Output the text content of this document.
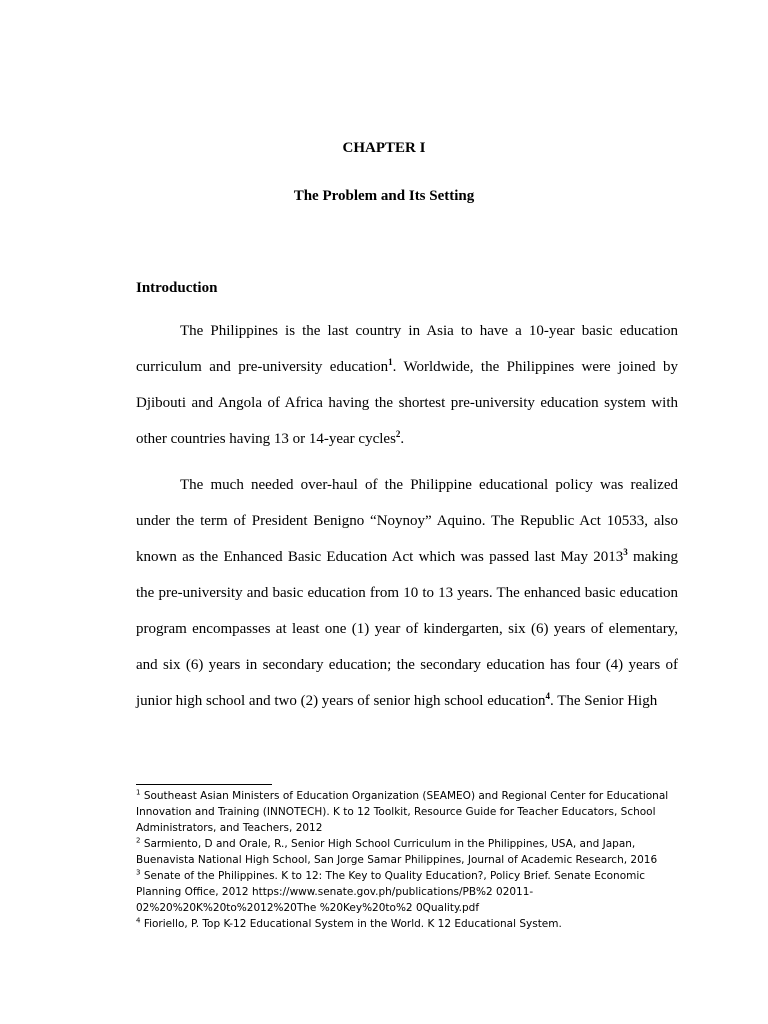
CHAPTER I
The Problem and Its Setting
Introduction

The Philippines is the last country in Asia to have a 10-year basic education curriculum and pre-university education$^1$. Worldwide, the Philippines were joined by Djibouti and Angola of Africa having the shortest pre-university education system with other countries having 13 or 14-year cycles$^2$.

The much needed over-haul of the Philippine educational policy was realized under the term of President Benigno “Noynoy” Aquino. The Republic Act 10533, also known as the Enhanced Basic Education Act which was passed last May 2013$^3$ making the pre-university and basic education from 10 to 13 years. The enhanced basic education program encompasses at least one (1) year of kindergarten, six (6) years of elementary, and six (6) years in secondary education; the secondary education has four (4) years of junior high school and two (2) years of senior high school education$^4$. The Senior High

$^1$ Southeast Asian Ministers of Education Organization (SEAMEO) and Regional Center for Educational Innovation and Training (INNOTECH). K to 12 Toolkit, Resource Guide for Teacher Educators, School Administrators, and Teachers, 2012

$^2$ Sarmiento, D and Orale, R., Senior High School Curriculum in the Philippines, USA, and Japan, Buenavista National High School, San Jorge Samar Philippines, Journal of Academic Research, 2016

$^3$ Senate of the Philippines. K to 12: The Key to Quality Education?, Policy Brief. Senate Economic Planning Office, 2012 https://www.senate.gov.ph/publications/PB%2 02011-02%20%20K%20to%2012%20The %20Key%20to%2 0Quality.pdf

$^4$ Fioriello, P. Top K-12 Educational System in the World. K 12 Educational System.
